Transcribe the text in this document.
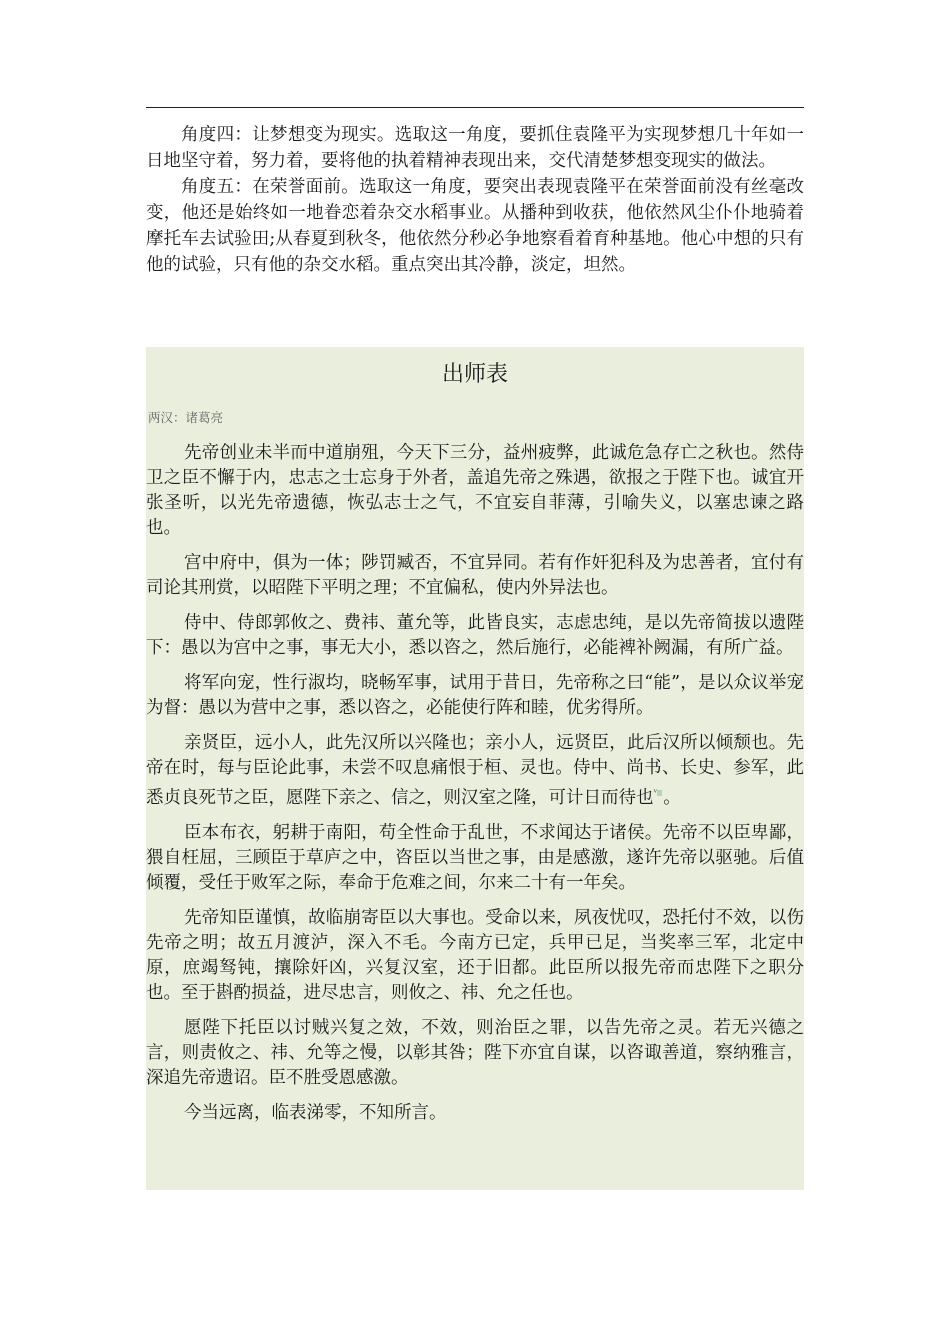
角度四：让梦想变为现实。选取这一角度，要抓住袁隆平为实现梦想几十年如一日地坚守着，努力着，要将他的执着精神表现出来，交代清楚梦想变现实的做法。

角度五：在荣誉面前。选取这一角度，要突出表现袁隆平在荣誉面前没有丝毫改变，他还是始终如一地眷恋着杂交水稻事业。从播种到收获，他依然风尘仆仆地骑着摩托车去试验田;从春夏到秋冬，他依然分秒必争地察看着育种基地。他心中想的只有他的试验，只有他的杂交水稻。重点突出其冷静，淡定，坦然。

出师表
两汉：诸葛亮

先帝创业未半而中道崩殂，今天下三分，益州疲弊，此诚危急存亡之秋也。然侍卫之臣不懈于内，忠志之士忘身于外者，盖追先帝之殊遇，欲报之于陛下也。诚宜开张圣听，以光先帝遗德，恢弘志士之气，不宜妄自菲薄，引喻失义，以塞忠谏之路也。

宫中府中，俱为一体；陟罚臧否，不宜异同。若有作奸犯科及为忠善者，宜付有司论其刑赏，以昭陛下平明之理；不宜偏私，使内外异法也。

侍中、侍郎郭攸之、费祎、董允等，此皆良实，志虑忠纯，是以先帝简拔以遗陛下：愚以为宫中之事，事无大小，悉以咨之，然后施行，必能裨补阙漏，有所广益。

将军向宠，性行淑均，晓畅军事，试用于昔日，先帝称之曰“能”，是以众议举宠为督：愚以为营中之事，悉以咨之，必能使行阵和睦，优劣得所。

亲贤臣，远小人，此先汉所以兴隆也；亲小人，远贤臣，此后汉所以倾颓也。先帝在时，每与臣论此事，未尝不叹息痛恨于桓、灵也。侍中、尚书、长史、参军，此悉贞良死节之臣，愿陛下亲之、信之，则汉室之隆，可计日而待也$^ᵛ$ 。

臣本布衣，躬耕于南阳，苟全性命于乱世，不求闻达于诸侯。先帝不以臣卑鄙，猥自枉屈，三顾臣于草庐之中，咨臣以当世之事，由是感激，遂许先帝以驱驰。后值倾覆，受任于败军之际，奉命于危难之间，尔来二十有一年矣。

先帝知臣谨慎，故临崩寄臣以大事也。受命以来，夙夜忧叹，恐托付不效，以伤先帝之明；故五月渡泸，深入不毛。今南方已定，兵甲已足，当奖率三军，北定中原，庶竭驽钝，攘除奸凶，兴复汉室，还于旧都。此臣所以报先帝而忠陛下之职分也。至于斟酌损益，进尽忠言，则攸之、祎、允之任也。

愿陛下托臣以讨贼兴复之效，不效，则治臣之罪，以告先帝之灵。若无兴德之言，则责攸之、祎、允等之慢，以彰其咎；陛下亦宜自谋，以咨诹善道，察纳雅言，深追先帝遗诏。臣不胜受恩感激。

今当远离，临表涕零，不知所言。
